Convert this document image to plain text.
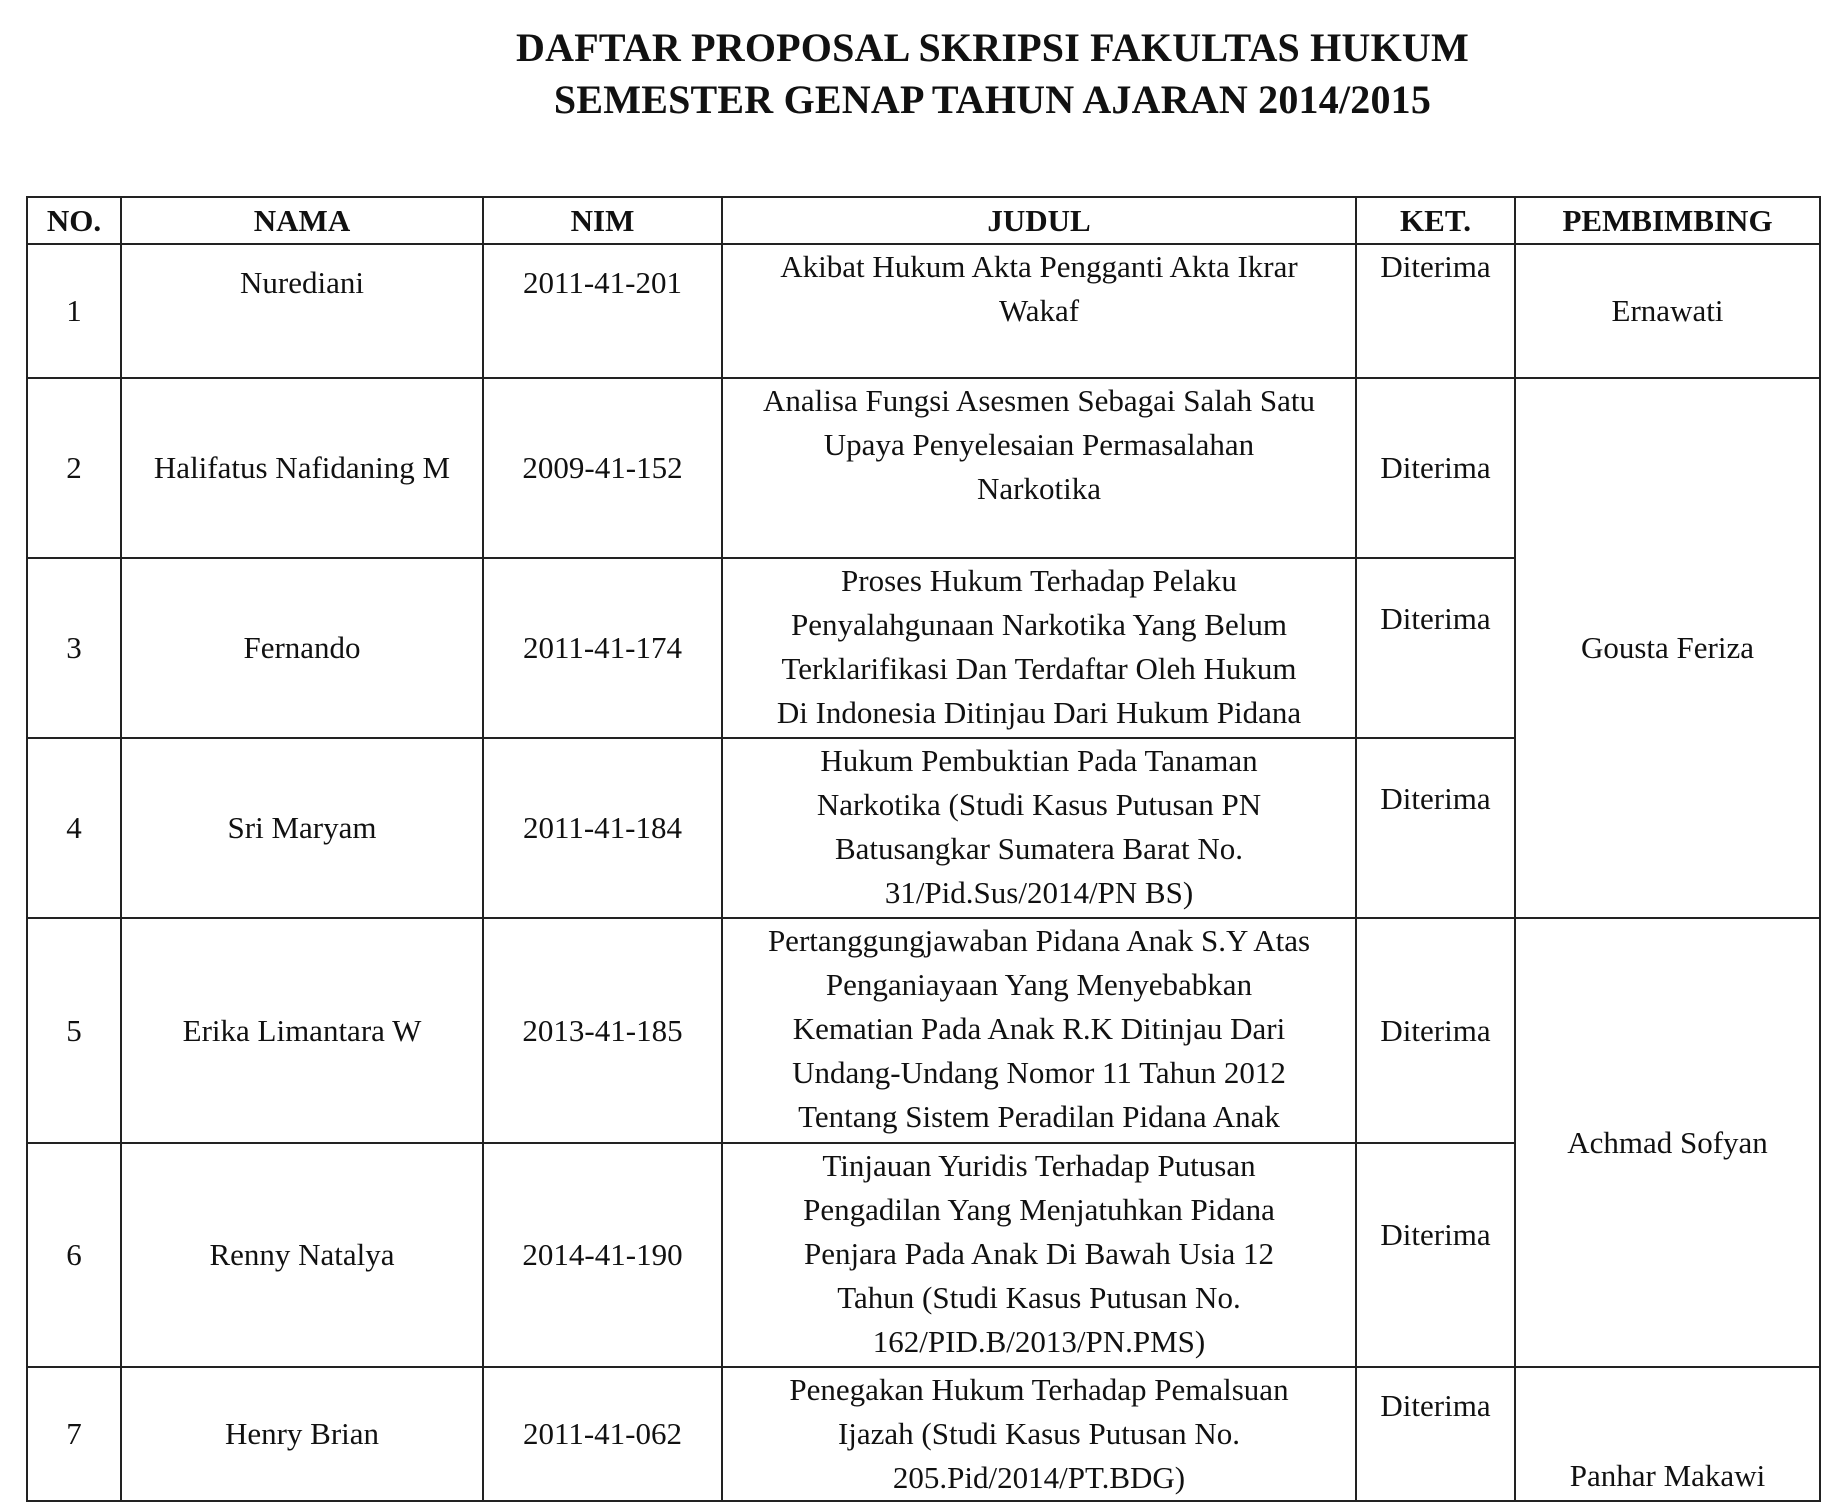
DAFTAR PROPOSAL SKRIPSI FAKULTAS HUKUM
SEMESTER GENAP TAHUN AJARAN 2014/2015
NO.	NAMA	NIM	JUDUL	KET.	PEMBIMBING
1	Nurediani	2011-41-201	Akibat Hukum Akta Pengganti Akta Ikrar
Wakaf	Diterima	Ernawati
2	Halifatus Nafidaning M	2009-41-152	Analisa Fungsi Asesmen Sebagai Salah Satu
Upaya Penyelesaian Permasalahan
Narkotika	Diterima	Gousta Feriza
3	Fernando	2011-41-174	Proses Hukum Terhadap Pelaku
Penyalahgunaan Narkotika Yang Belum
Terklarifikasi Dan Terdaftar Oleh Hukum
Di Indonesia Ditinjau Dari Hukum Pidana	Diterima	
4	Sri Maryam	2011-41-184	Hukum Pembuktian Pada Tanaman
Narkotika (Studi Kasus Putusan PN
Batusangkar Sumatera Barat No.
31/Pid.Sus/2014/PN BS)	Diterima	
5	Erika Limantara W	2013-41-185	Pertanggungjawaban Pidana Anak S.Y Atas
Penganiayaan Yang Menyebabkan
Kematian Pada Anak R.K Ditinjau Dari
Undang-Undang Nomor 11 Tahun 2012
Tentang Sistem Peradilan Pidana Anak	Diterima	Achmad Sofyan
6	Renny Natalya	2014-41-190	Tinjauan Yuridis Terhadap Putusan
Pengadilan Yang Menjatuhkan Pidana
Penjara Pada Anak Di Bawah Usia 12
Tahun (Studi Kasus Putusan No.
162/PID.B/2013/PN.PMS)	Diterima	
7	Henry Brian	2011-41-062	Penegakan Hukum Terhadap Pemalsuan
Ijazah (Studi Kasus Putusan No.
205.Pid/2014/PT.BDG)	Diterima	Panhar Makawi
